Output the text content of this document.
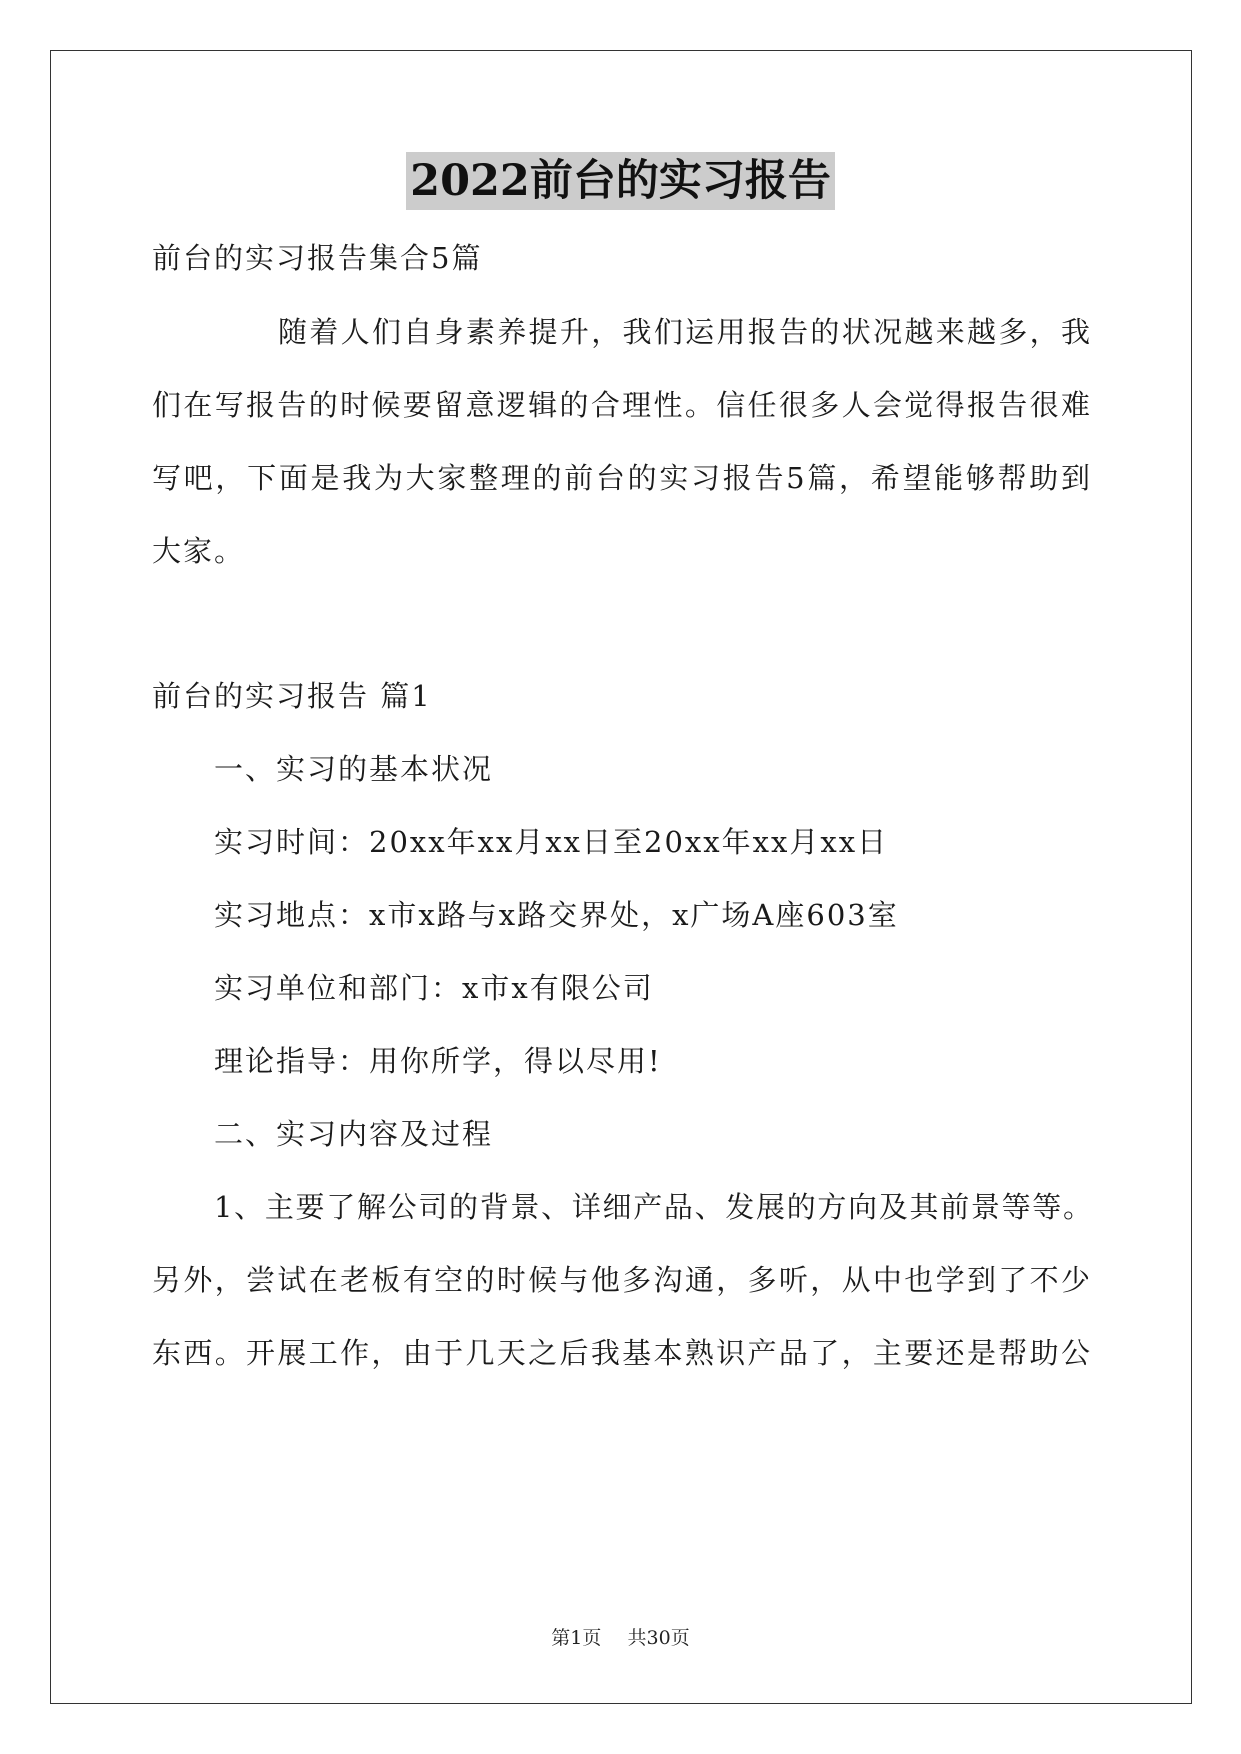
2022前台的实习报告
前台的实习报告集合5篇
随着人们自身素养提升，我们运用报告的状况越来越多，我
们在写报告的时候要留意逻辑的合理性。信任很多人会觉得报告很难
写吧，下面是我为大家整理的前台的实习报告5篇，希望能够帮助到
大家。
前台的实习报告 篇1
一、实习的基本状况
实习时间：20xx年xx月xx日至20xx年xx月xx日
实习地点：x市x路与x路交界处，x广场A座603室
实习单位和部门：x市x有限公司
理论指导：用你所学，得以尽用!
二、实习内容及过程
1、主要了解公司的背景、详细产品、发展的方向及其前景等等。
另外，尝试在老板有空的时候与他多沟通，多听，从中也学到了不少
东西。开展工作，由于几天之后我基本熟识产品了，主要还是帮助公
第1页 共30页
